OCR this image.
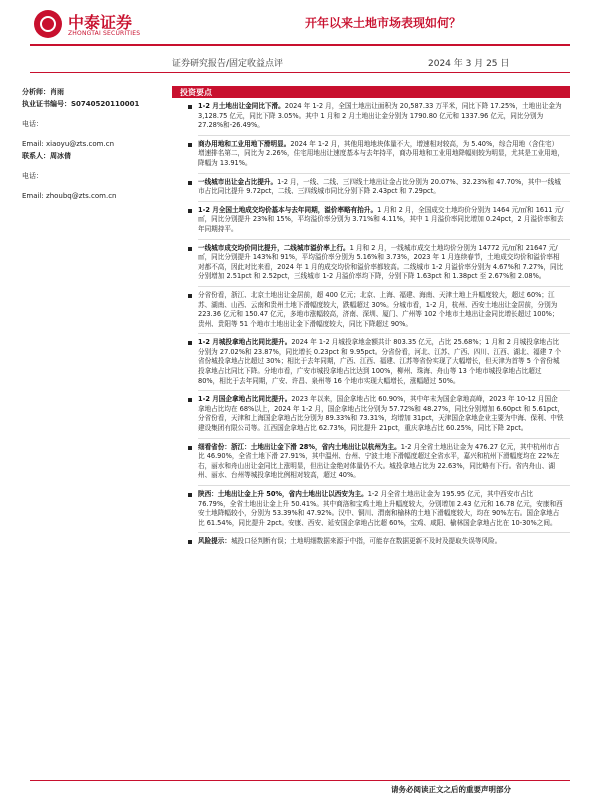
中泰证券
ZHONGTAI SECURITIES
开年以来土地市场表现如何？
证券研究报告/固定收益点评	2024 年 3 月 25 日
分析师：肖雨
执业证书编号：S0740520110001
电话：
Email: xiaoyu@zts.com.cn
联系人：周冰倩
电话：
Email: zhoubq@zts.com.cn
投资要点
1-2 月土地出让金同比下滑。2024 年 1-2 月，全国土地出让面积为 20,587.33 万平米，同比下降 17.25%，土地出让金为 3,128.75 亿元，同比下降 3.05%。其中 1 月和 2 月土地出让金分别为 1790.80 亿元和 1337.96 亿元，同比分别为 27.28%和-26.49%。
商办用地和工业用地下滑明显。2024 年 1-2 月，其他用地地块体量不大，增速相对较高，为 5.40%，综合用地（含住宅）增速排名第二，同比为 2.26%，住宅用地出让速度基本与去年持平，商办用地和工业用地降幅则较为明显，尤其是工业用地，降幅为 13.91%。
一线城市出让金占比提升。1-2 月，一线、二线、三四线土地出让金占比分别为 20.07%、32.23%和 47.70%，其中一线城市占比同比提升 9.72pct，二线、三四线城市同比分别下降 2.43pct 和 7.29pct。
1-2 月全国土地成交均价基本与去年同期，溢价率略有抬升。1 月和 2 月，全国成交土地均价分别为 1464 元/㎡和 1611 元/㎡，同比分别提升 23%和 15%，平均溢价率分别为 3.71%和 4.11%，其中 1 月溢价率同比增加 0.24pct，2 月溢价率和去年同期持平。
一线城市成交均价同比提升，二线城市溢价率上行。1 月和 2 月，一线城市成交土地均价分别为 14772 元/㎡和 21647 元/㎡，同比分别提升 143%和 91%，平均溢价率分别为 5.16%和 3.73%，2023 年 1 月连续春节，土地成交均价和溢价率相对都不高，因此对比来看，2024 年 1 月的成交均价和溢价率都较高。二线城市 1-2 月溢价率分别为 4.67%和 7.27%，同比分别增加 2.51pct 和 2.52pct，三线城市 1-2 月溢价率均下降，分别下降 1.63pct 和 1.38pct 至 2.67%和 2.08%。
分省份看，浙江、北京土地出让金居前，超 400 亿元；北京、上海、福建、海南、天津土地上升幅度较大，超过 60%；江苏、湖南、山西、云南和贵州土地下滑幅度较大，跌幅超过 30%。分城市看，1-2 月，杭州、西安土地出让金居前，分别为 223.36 亿元和 150.47 亿元，多地市涨幅较高，济南、深圳、厦门、广州等 102 个地市土地出让金同比增长超过 100%；贵州、贵阳等 51 个地市土地出让金下滑幅度较大，同比下降超过 90%。
1-2 月城投拿地占比同比提升。2024 年 1-2 月城投拿地金额共计 803.35 亿元，占比 25.68%；1 月和 2 月城投拿地占比分别为 27.02%和 23.87%，同比增长 0.23pct 和 9.95pct。分省份看，河北、江苏、广西、四川、江西、湖北、福建 7 个省份城投拿地占比超过 30%；相比于去年同期，广西、江西、福建、江苏等省份实现了大幅增长，但天津为首等 5 个省份城投拿地占比同比下降。分地市看，广安市城投拿地占比达到 100%，柳州、珠海、舟山等 13 个地市城投拿地占比超过 80%，相比于去年同期，广安、许昌、泉州等 16 个地市实现大幅增长，涨幅超过 50%。
1-2 月国企拿地占比同比提升。2023 年以来，国企拿地占比 60.90%，其中年末为国企拿地高峰，2023 年 10-12 月国企拿地占比均在 68%以上，2024 年 1-2 月，国企拿地占比分别为 57.72%和 48.27%，同比分别增加 6.60pct 和 5.61pct，分省份看，天津和上海国企拿地占比分别为 89.33%和 73.31%，均增加 31pct，天津国企拿地企业主要为中海、保利、中铁建设集团有限公司等。江西国企拿地占比 62.73%，同比提升 21pct，重庆拿地占比 60.25%，同比下降 2pct。
细看省份：浙江：土地出让金下滑 28%，省内土地出让以杭州为主。1-2 月全省土地出让金为 476.27 亿元，其中杭州市占比 46.90%，全省土地下滑 27.91%，其中温州、台州、宁波土地下滑幅度超过全省水平，嘉兴和杭州下滑幅度均在 22%左右，丽水和舟山出让金同比上涨明显，但出让金绝对体量仍不大。城投拿地占比为 22.63%，同比略有下行。省内舟山、湖州、丽水、台州等城投拿地比例相对较高，超过 40%。
陕西：土地出让金上升 50%，省内土地出让以西安为主。1-2 月全省土地出让金为 195.95 亿元，其中西安市占比 76.79%，全省土地出让金上升 50.41%。其中商洛和宝鸡土地上升幅度较大，分别增加 2.43 亿元和 16.78 亿元，安康和西安土地降幅较小，分别为 53.39%和 47.92%。汉中、铜川、渭南和榆林的土地下滑幅度较大，均在 90%左右。国企拿地占比 61.54%，同比提升 2pct。安康、西安、延安国企拿地占比超 60%，宝鸡、咸阳、榆林国企拿地占比在 10-30%之间。
风险提示：城投口径判断有误；土地明细数据来源于中指，可能存在数据更新不及时及提取失误等风险。
请务必阅读正文之后的重要声明部分
